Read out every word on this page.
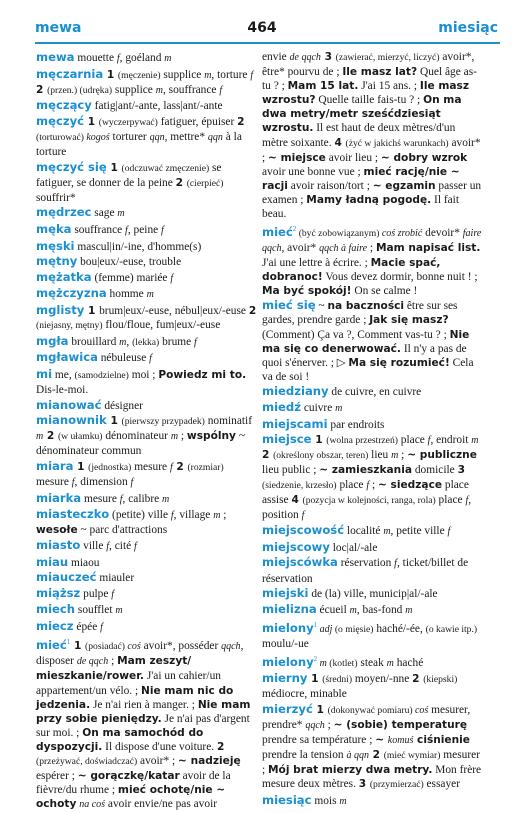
mewa	464	miesiąc
mewa mouette f, goéland m
męczarnia 1 (męczenie) supplice m, torture f 2 (przen.) (udręka) supplice m, souffrance f
męczący fatig|ant/-ante, lass|ant/-ante
męczyć 1 (wyczerpywać) fatiguer, épuiser 2 (torturować) kogoś torturer qqn, mettre* qqn à la torture
męczyć się 1 (odczuwać zmęczenie) se fatiguer, se donner de la peine 2 (cierpieć) souffrir*
mędrzec sage m
męka souffrance f, peine f
męski mascul|in/-ine, d'homme(s)
mętny bou|eux/-euse, trouble
mężatka (femme) mariée f
mężczyzna homme m
mglisty 1 brum|eux/-euse, nébul|eux/-euse 2 (niejasny, mętny) flou/floue, fum|eux/-euse
mgła brouillard m, (lekka) brume f
mgławica nébuleuse f
mi me, (samodzielne) moi ; Powiedz mi to. Dis-le-moi.
mianować désigner
mianownik 1 (pierwszy przypadek) nominatif m 2 (w ułamku) dénominateur m ; wspólny ~ dénominateur commun
miara 1 (jednostka) mesure f 2 (rozmiar) mesure f, dimension f
miarka mesure f, calibre m
miasteczko (petite) ville f, village m ; wesołe ~ parc d'attractions
miasto ville f, cité f
miau miaou
miauczeć miauler
miąższ pulpe f
miech soufflet m
miecz épée f
mieć$^1$ 1 (posiadać) coś avoir*, posséder qqch, disposer de qqch ; Mam zeszyt/ mieszkanie/rower. J'ai un cahier/un appartement/un vélo. ; Nie mam nic do jedzenia. Je n'ai rien à manger. ; Nie mam przy sobie pieniędzy. Je n'ai pas d'argent sur moi. ; On ma samochód do dyspozycji. Il dispose d'une voiture. 2 (przeżywać, doświadczać) avoir* ; ~ nadzieję espérer ; ~ gorączkę/katar avoir de la fièvre/du rhume ; mieć ochotę/nie ~ ochoty na coś avoir envie/ne pas avoir
envie de qqch 3 (zawierać, mierzyć, liczyć) avoir*, être* pourvu de ; Ile masz lat? Quel âge as-tu ? ; Mam 15 lat. J'ai 15 ans. ; Ile masz wzrostu? Quelle taille fais-tu ? ; On ma dwa metry/metr sześćdziesiąt wzrostu. Il est haut de deux mètres/d'un mètre soixante. 4 (żyć w jakichś warunkach) avoir* ; ~ miejsce avoir lieu ; ~ dobry wzrok avoir une bonne vue ; mieć rację/nie ~ racji avoir raison/tort ; ~ egzamin passer un examen ; Mamy ładną pogodę. Il fait beau.
mieć$^2$ (być zobowiązanym) coś zrobić devoir* faire qqch, avoir* qqch à faire ; Mam napisać list. J'ai une lettre à écrire. ; Macie spać, dobranoc! Vous devez dormir, bonne nuit ! ; Ma być spokój! On se calme !
mieć się ~ na baczności être sur ses gardes, prendre garde ; Jak się masz? (Comment) Ça va ?, Comment vas-tu ? ; Nie ma się co denerwować. Il n'y a pas de quoi s'énerver. ; ▷ Ma się rozumieć! Cela va de soi !
miedziany de cuivre, en cuivre
miedź cuivre m
miejscami par endroits
miejsce 1 (wolna przestrzeń) place f, endroit m 2 (określony obszar, teren) lieu m ; ~ publiczne lieu public ; ~ zamieszkania domicile 3 (siedzenie, krzesło) place f ; ~ siedzące place assise 4 (pozycja w kolejności, ranga, rola) place f, position f
miejscowość localité m, petite ville f
miejscowy loc|al/-ale
miejscówka réservation f, ticket/billet de réservation
miejski de (la) ville, municip|al/-ale
mielizna écueil m, bas-fond m
mielony$^1$ adj (o mięsie) haché/-ée, (o kawie itp.) moulu/-ue
mielony$^2$ m (kotlet) steak m haché
mierny 1 (średni) moyen/-nne 2 (kiepski) médiocre, minable
mierzyć 1 (dokonywać pomiaru) coś mesurer, prendre* qqch ; ~ (sobie) temperaturę prendre sa température ; ~ komuś ciśnienie prendre la tension à qqn 2 (mieć wymiar) mesurer ; Mój brat mierzy dwa metry. Mon frère mesure deux mètres. 3 (przymierzać) essayer
miesiąc mois m
